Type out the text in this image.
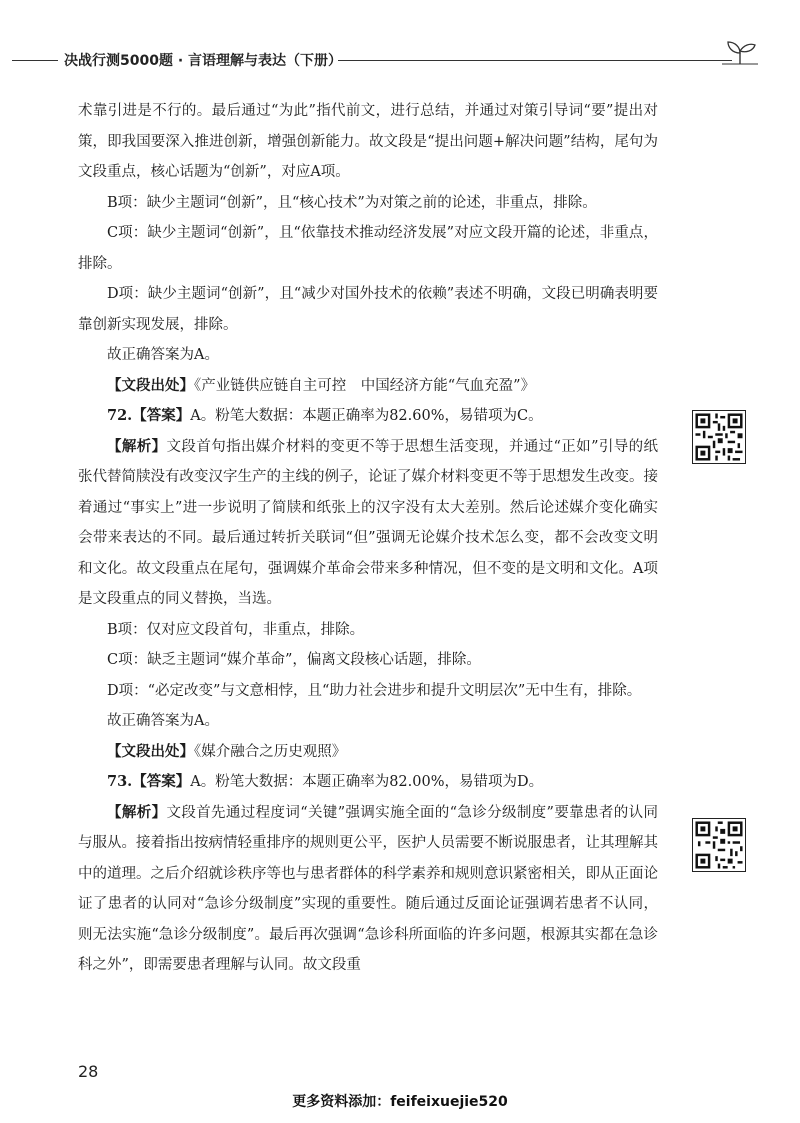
决战行测5000题 · 言语理解与表达（下册）

术靠引进是不行的。最后通过“为此”指代前文，进行总结，并通过对策引导词“要”提出对策，即我国要深入推进创新，增强创新能力。故文段是“提出问题+解决问题”结构，尾句为文段重点，核心话题为“创新”，对应A项。

B项：缺少主题词“创新”，且“核心技术”为对策之前的论述，非重点，排除。

C项：缺少主题词“创新”，且“依靠技术推动经济发展”对应文段开篇的论述，非重点，排除。

D项：缺少主题词“创新”，且“减少对国外技术的依赖”表述不明确，文段已明确表明要靠创新实现发展，排除。

故正确答案为A。

【文段出处】《产业链供应链自主可控　中国经济方能“气血充盈”》

72.【答案】A。粉笔大数据：本题正确率为82.60%，易错项为C。

【解析】文段首句指出媒介材料的变更不等于思想生活变现，并通过“正如”引导的纸张代替简牍没有改变汉字生产的主线的例子，论证了媒介材料变更不等于思想发生改变。接着通过“事实上”进一步说明了简牍和纸张上的汉字没有太大差别。然后论述媒介变化确实会带来表达的不同。最后通过转折关联词“但”强调无论媒介技术怎么变，都不会改变文明和文化。故文段重点在尾句，强调媒介革命会带来多种情况，但不变的是文明和文化。A项是文段重点的同义替换，当选。

B项：仅对应文段首句，非重点，排除。

C项：缺乏主题词“媒介革命”，偏离文段核心话题，排除。

D项：“必定改变”与文意相悖，且“助力社会进步和提升文明层次”无中生有，排除。

故正确答案为A。

【文段出处】《媒介融合之历史观照》

73.【答案】A。粉笔大数据：本题正确率为82.00%，易错项为D。

【解析】文段首先通过程度词“关键”强调实施全面的“急诊分级制度”要靠患者的认同与服从。接着指出按病情轻重排序的规则更公平，医护人员需要不断说服患者，让其理解其中的道理。之后介绍就诊秩序等也与患者群体的科学素养和规则意识紧密相关，即从正面论证了患者的认同对“急诊分级制度”实现的重要性。随后通过反面论证强调若患者不认同，则无法实施“急诊分级制度”。最后再次强调“急诊科所面临的许多问题，根源其实都在急诊科之外”，即需要患者理解与认同。故文段重

28
更多资料添加：feifeixuejie520
